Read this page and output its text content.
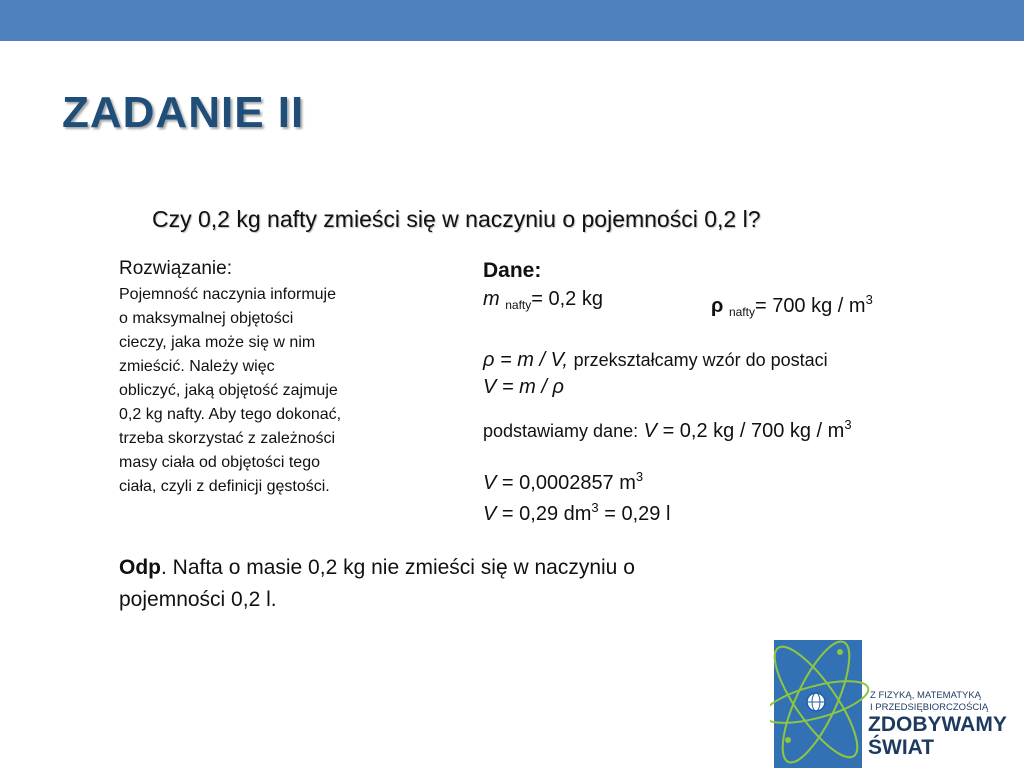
ZADANIE II
Czy 0,2 kg nafty zmieści się w naczyniu o pojemności 0,2 l?
Rozwiązanie:
Pojemność naczynia informuje
o maksymalnej objętości
cieczy, jaka może się w nim
zmieścić. Należy więc
obliczyć, jaką objętość zajmuje
0,2 kg nafty. Aby tego dokonać,
trzeba skorzystać z zależności
masy ciała od objętości tego
ciała, czyli z definicji gęstości.
Dane:
m $_{nafty}$= 0,2 kg	ρ $_{nafty}$= 700 kg / $m^3$
ρ = m / V, przekształcamy wzór do postaci
V = m / ρ
podstawiamy dane: V = 0,2 kg / 700 kg / $m^3$
V = 0,0002857 $m^3$
V = 0,29 $dm^3 = 0,29$ l
Odp. Nafta o masie 0,2 kg nie zmieści się w naczyniu o
pojemności 0,2 l.
Z FIZYKĄ, MATEMATYKĄ
I PRZEDSIĘBIORCZOŚCIĄ
ZDOBYWAMY
ŚWIAT
